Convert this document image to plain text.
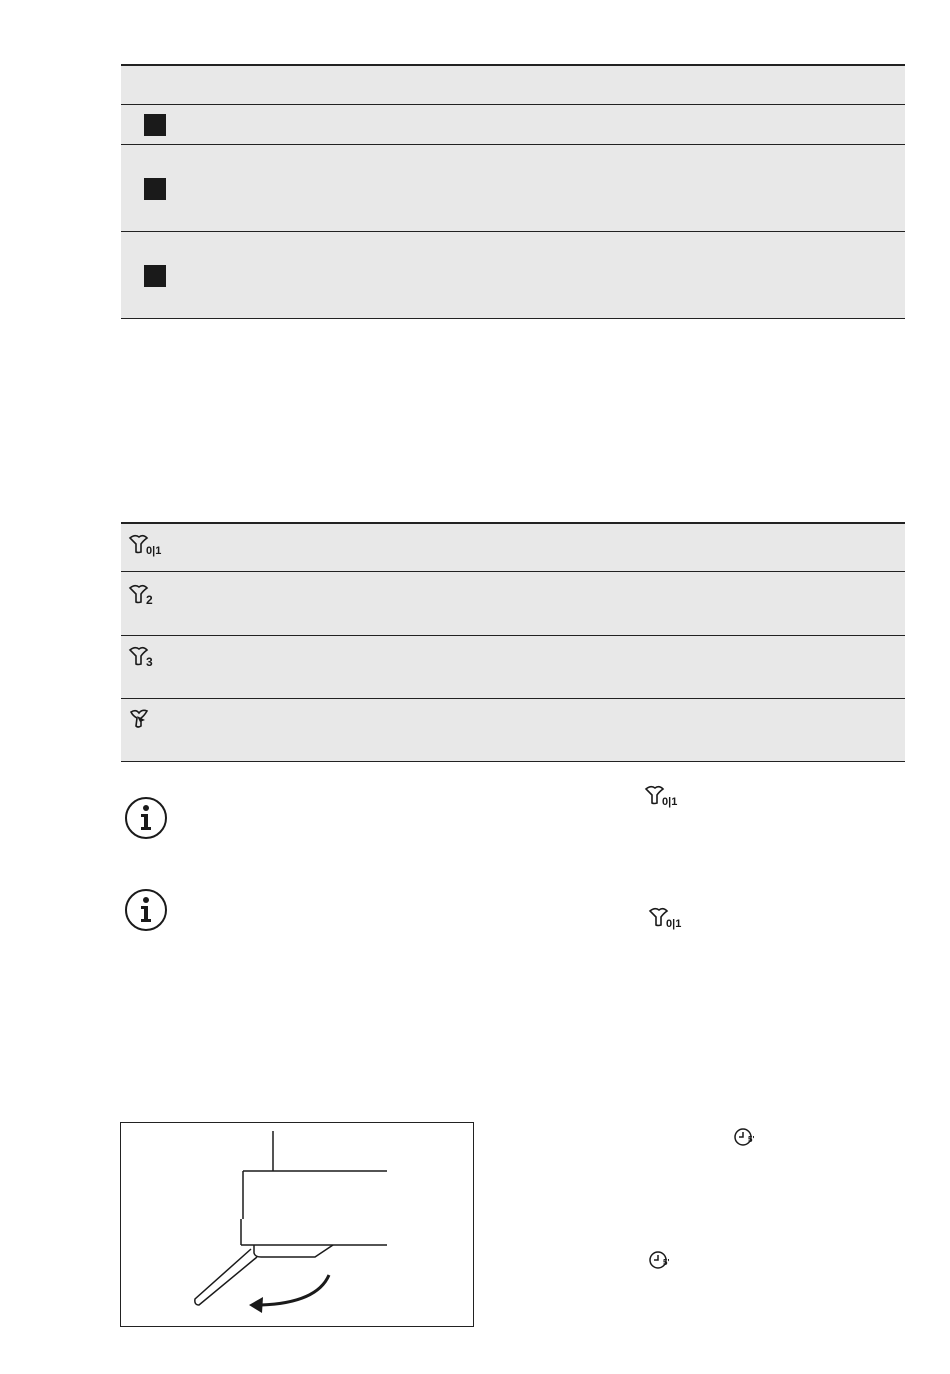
0|1
2
3
0|1
0|1
5'
5'
